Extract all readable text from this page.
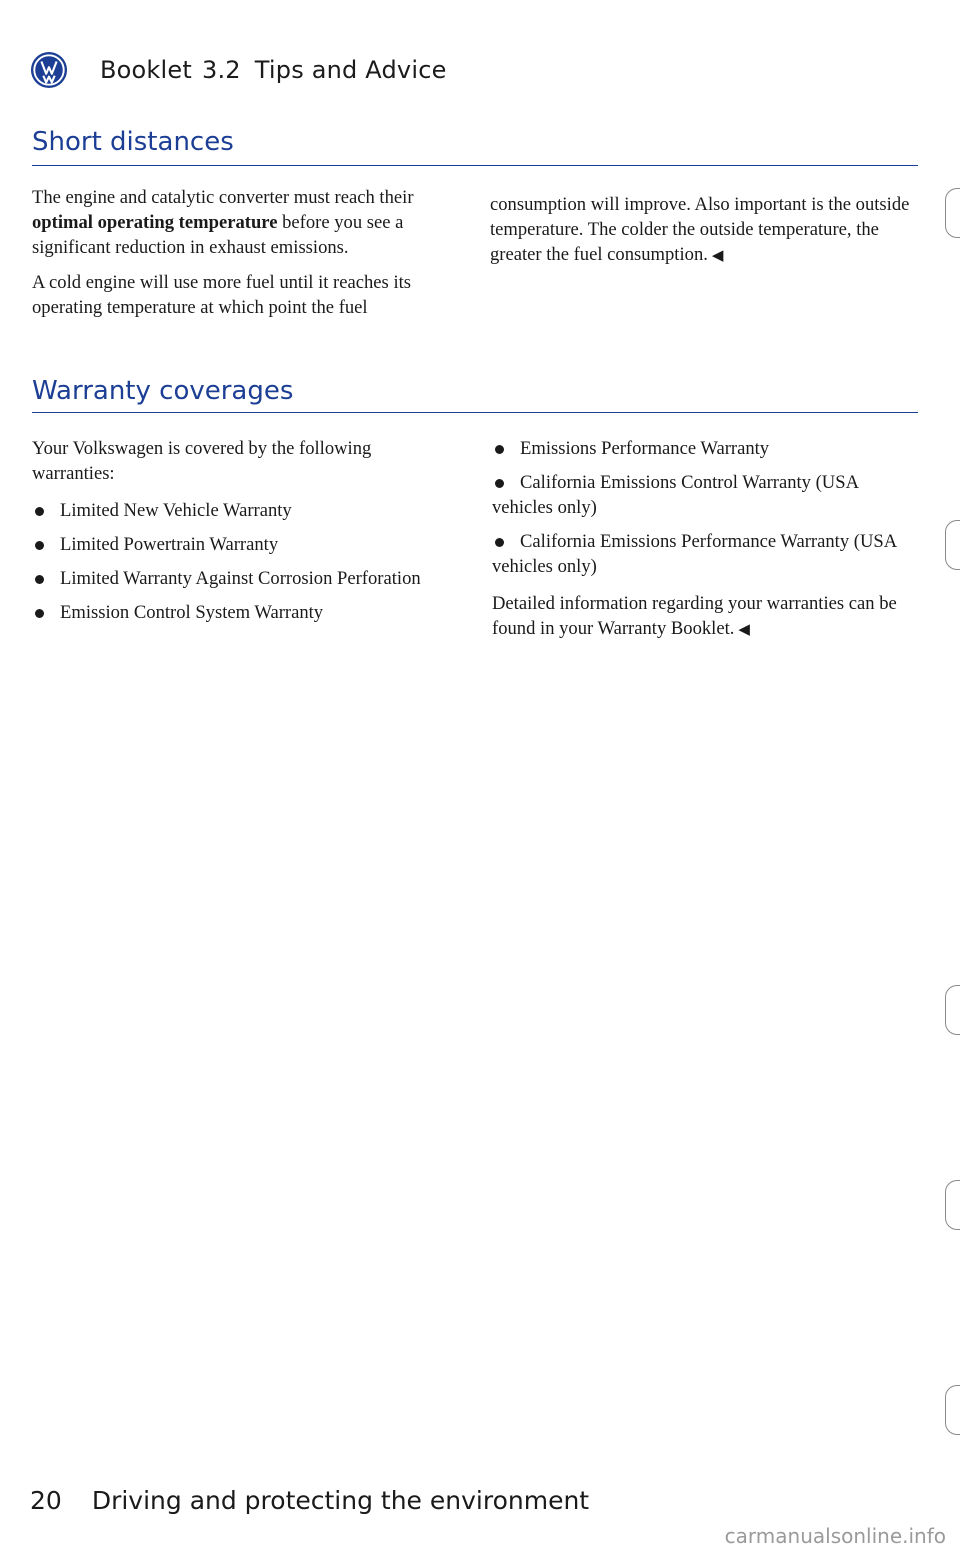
Booklet 3.2 Tips and Advice
Short distances

The engine and catalytic converter must reach their optimal operating temperature before you see a significant reduction in exhaust emissions.

A cold engine will use more fuel until it reaches its operating temperature at which point the fuel

consumption will improve. Also important is the outside temperature. The colder the outside temperature, the greater the fuel consumption. ◀

Warranty coverages

Your Volkswagen is covered by the following warranties:

Limited New Vehicle Warranty
Limited Powertrain Warranty
Limited Warranty Against Corrosion Perforation
Emission Control System Warranty
Emissions Performance Warranty
California Emissions Control Warranty (USA vehicles only)
California Emissions Performance Warranty (USA vehicles only)

Detailed information regarding your warranties can be found in your Warranty Booklet. ◀

20 Driving and protecting the environment
carmanualsonline.info
